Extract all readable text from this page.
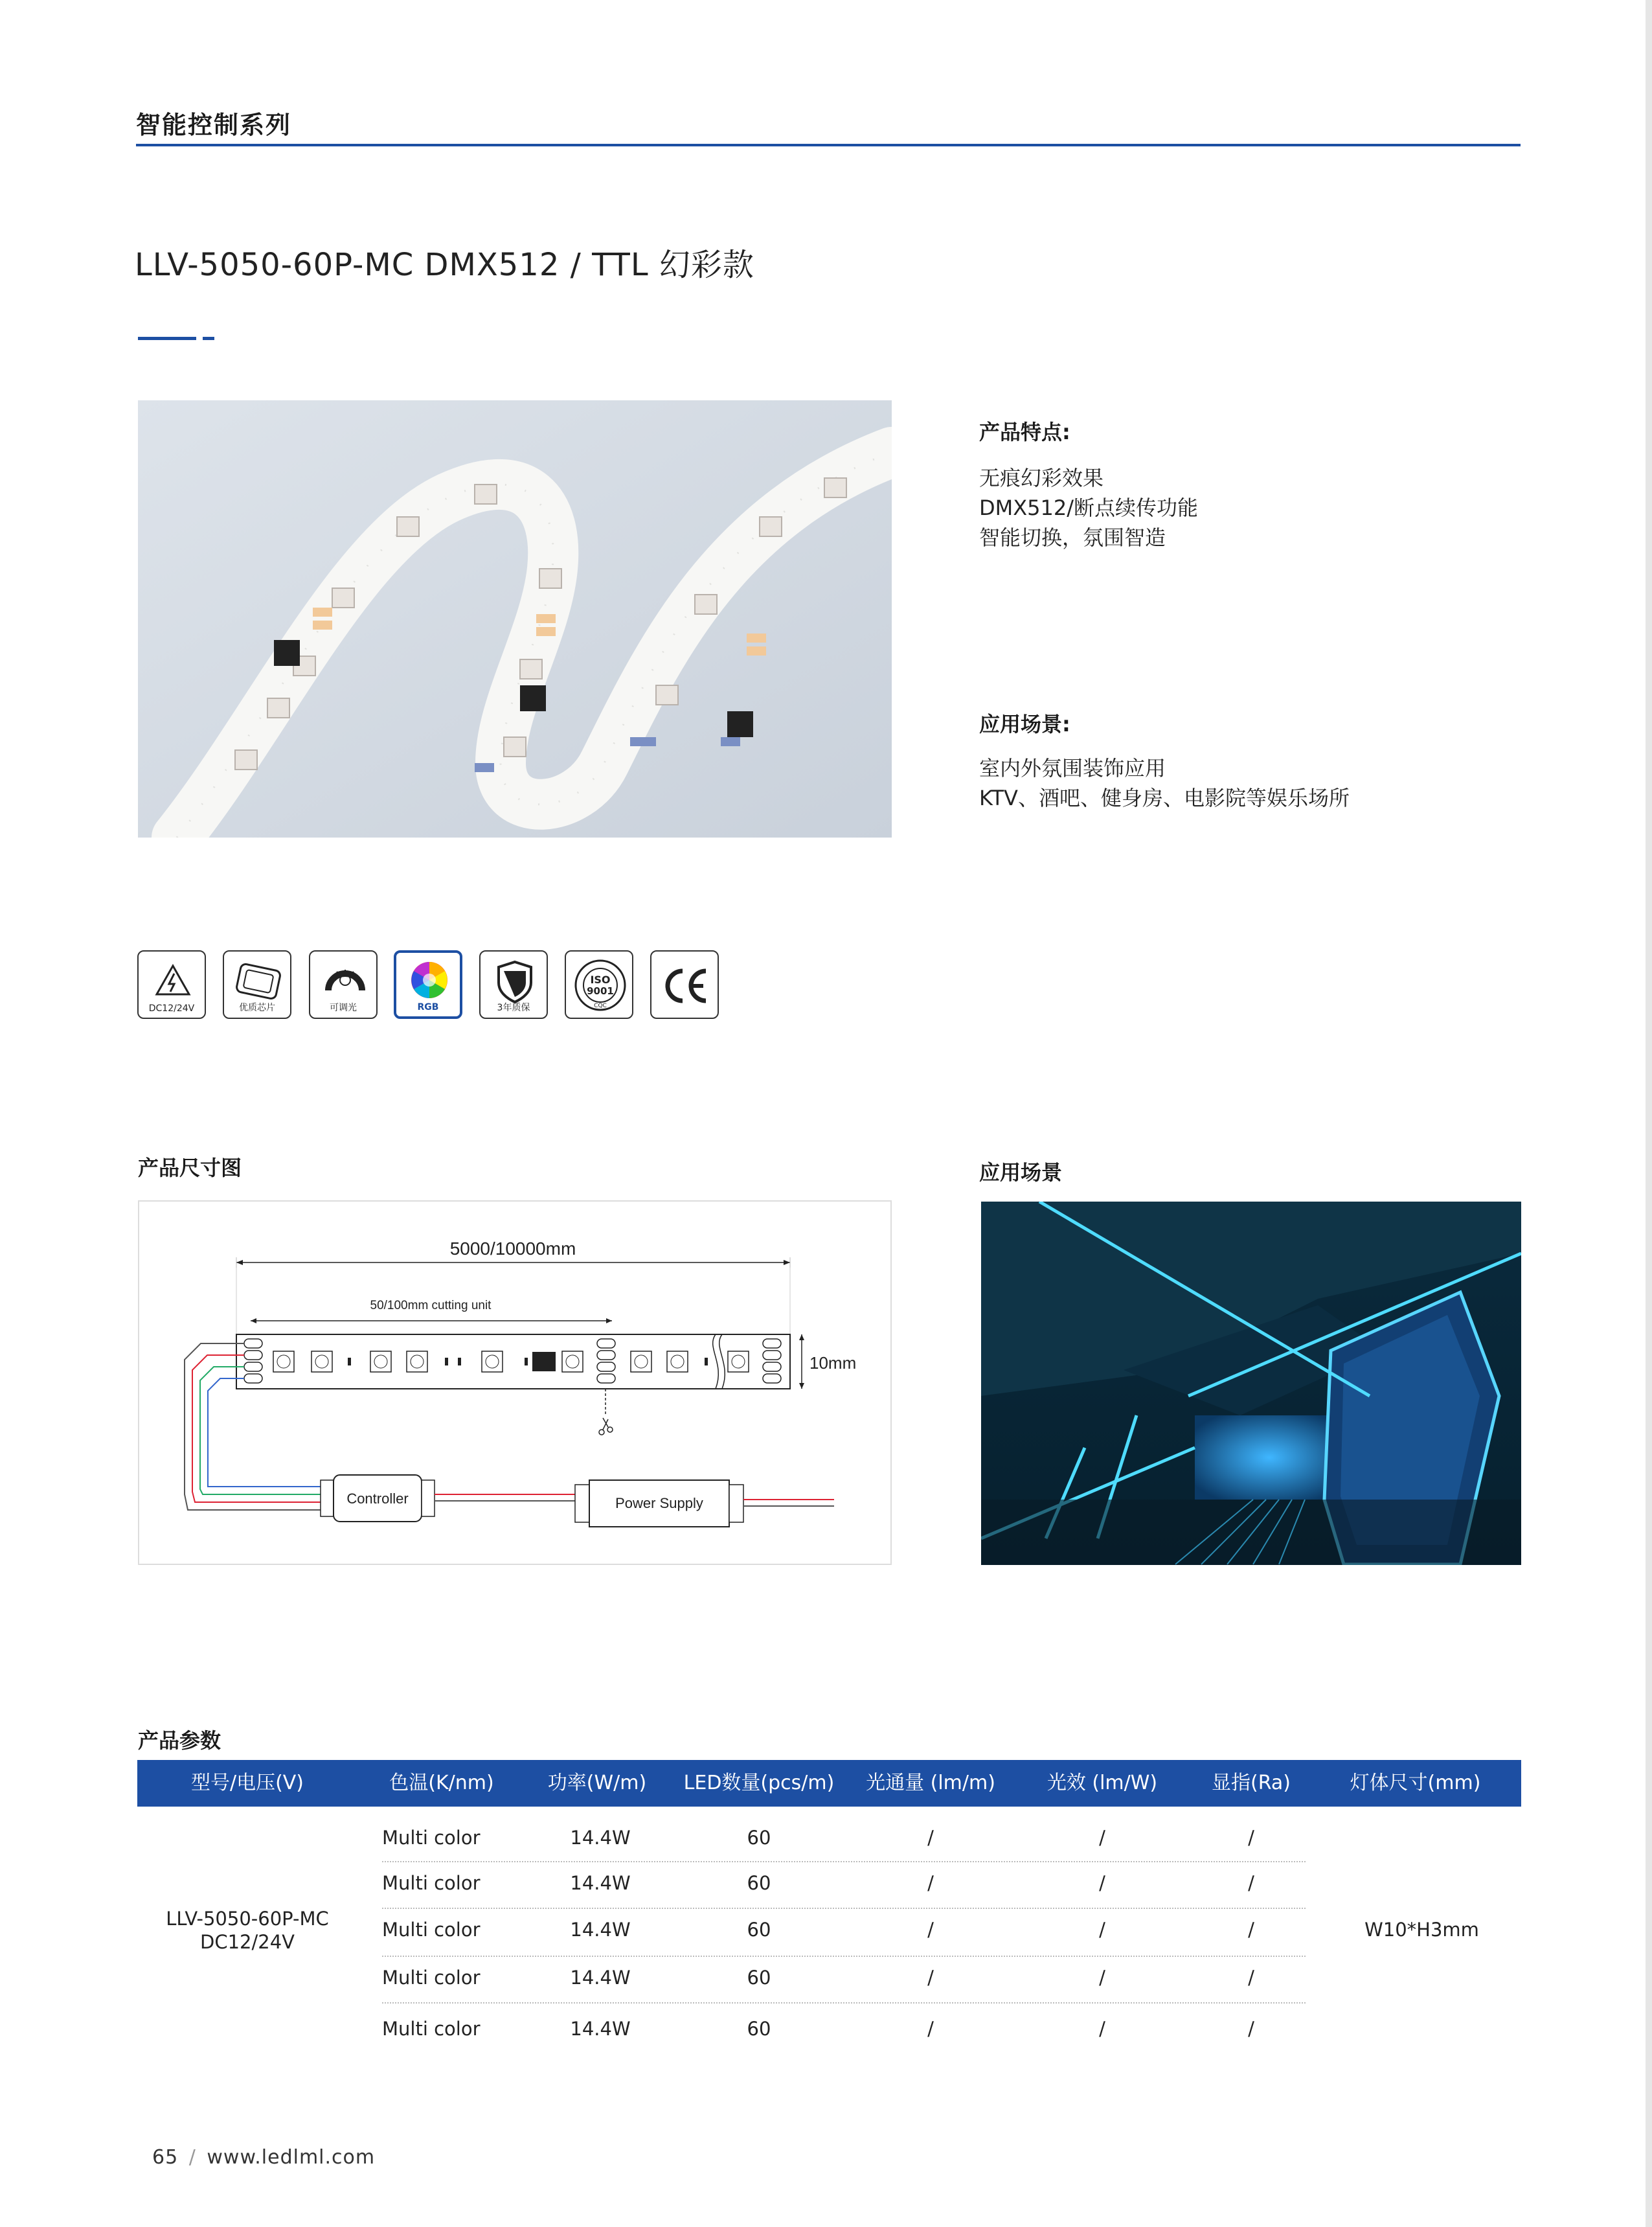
智能控制系列
LLV-5050-60P-MC DMX512 / TTL 幻彩款
产品特点:
无痕幻彩效果
DMX512/断点续传功能
智能切换，氛围智造
应用场景:
室内外氛围装饰应用
KTV、酒吧、健身房、电影院等娱乐场所
DC12/24V	优质芯片	可调光	RGB	3年质保
ISO
9001
CQC
产品尺寸图	应用场景
5000/10000mm
50/100mm cutting unit
10mm
Controller	Power Supply
产品参数
型号/电压(V)	色温(K/nm)	功率(W/m)	LED数量(pcs/m)	光通量 (lm/m)	光效 (lm/W)	显指(Ra)	灯体尺寸(mm)
LLV-5050-60P-MC
DC12/24V
W10*H3mm
Multi color	14.4W	60	/	/	/
Multi color	14.4W	60	/	/	/
Multi color	14.4W	60	/	/	/
Multi color	14.4W	60	/	/	/
Multi color	14.4W	60	/	/	/
65 / www.ledlml.com
